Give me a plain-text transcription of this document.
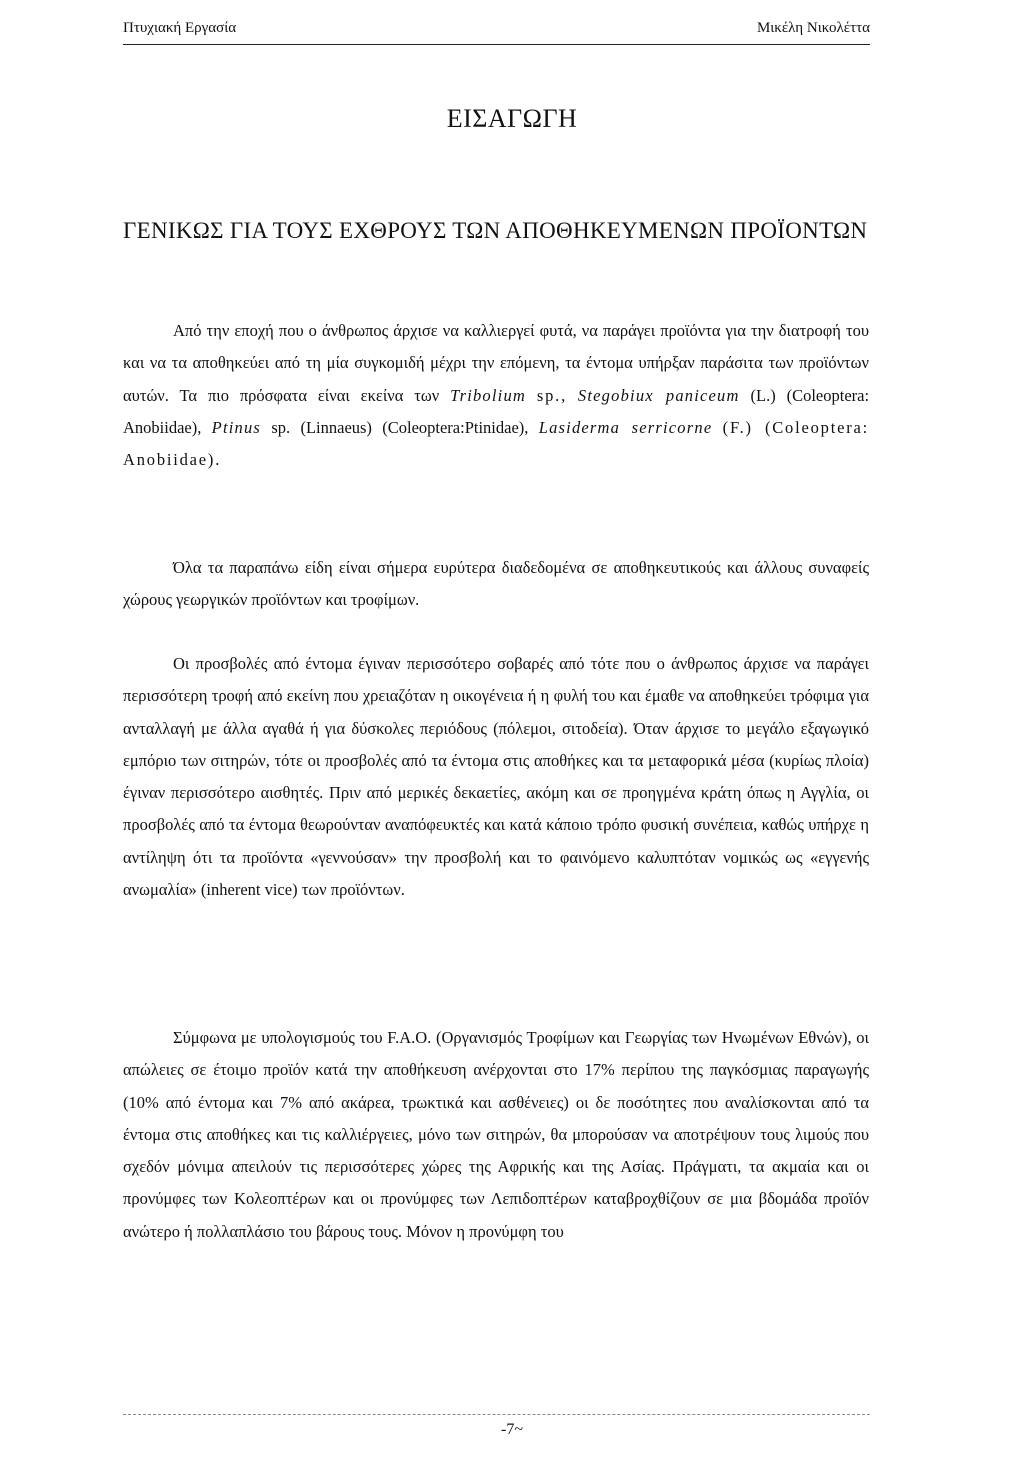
Πτυχιακή Εργασία	Μικέλη Νικολέττα
ΕΙΣΑΓΩΓΗ
ΓΕΝΙΚΩΣ ΓΙΑ ΤΟΥΣ ΕΧΘΡΟΥΣ ΤΩΝ ΑΠΟΘΗΚΕΥΜΕΝΩΝ ΠΡΟΪΟΝΤΩΝ

Από την εποχή που ο άνθρωπος άρχισε να καλλιεργεί φυτά, να παράγει προϊόντα για την διατροφή του και να τα αποθηκεύει από τη μία συγκομιδή μέχρι την επόμενη, τα έντομα υπήρξαν παράσιτα των προϊόντων αυτών. Τα πιο πρόσφατα είναι εκείνα των Tribolium sp., Stegobiux paniceum (L.) (Coleoptera: Anobiidae), Ptinus sp. (Linnaeus) (Coleoptera:Ptinidae), Lasiderma serricorne (F.) (Coleoptera: Anobiidae).

Όλα τα παραπάνω είδη είναι σήμερα ευρύτερα διαδεδομένα σε αποθηκευτικούς και άλλους συναφείς χώρους γεωργικών προϊόντων και τροφίμων.

Οι προσβολές από έντομα έγιναν περισσότερο σοβαρές από τότε που ο άνθρωπος άρχισε να παράγει περισσότερη τροφή από εκείνη που χρειαζόταν η οικογένεια ή η φυλή του και έμαθε να αποθηκεύει τρόφιμα για ανταλλαγή με άλλα αγαθά ή για δύσκολες περιόδους (πόλεμοι, σιτοδεία). Όταν άρχισε το μεγάλο εξαγωγικό εμπόριο των σιτηρών, τότε οι προσβολές από τα έντομα στις αποθήκες και τα μεταφορικά μέσα (κυρίως πλοία) έγιναν περισσότερο αισθητές. Πριν από μερικές δεκαετίες, ακόμη και σε προηγμένα κράτη όπως η Αγγλία, οι προσβολές από τα έντομα θεωρούνταν αναπόφευκτές και κατά κάποιο τρόπο φυσική συνέπεια, καθώς υπήρχε η αντίληψη ότι τα προϊόντα «γεννούσαν» την προσβολή και το φαινόμενο καλυπτόταν νομικώς ως «εγγενής ανωμαλία» (inherent vice) των προϊόντων.

Σύμφωνα με υπολογισμούς του F.A.O. (Οργανισμός Τροφίμων και Γεωργίας των Ηνωμένων Εθνών), οι απώλειες σε έτοιμο προϊόν κατά την αποθήκευση ανέρχονται στο 17% περίπου της παγκόσμιας παραγωγής (10% από έντομα και 7% από ακάρεα, τρωκτικά και ασθένειες) οι δε ποσότητες που αναλίσκονται από τα έντομα στις αποθήκες και τις καλλιέργειες, μόνο των σιτηρών, θα μπορούσαν να αποτρέψουν τους λιμούς που σχεδόν μόνιμα απειλούν τις περισσότερες χώρες της Αφρικής και της Ασίας. Πράγματι, τα ακμαία και οι προνύμφες των Κολεοπτέρων και οι προνύμφες των Λεπιδοπτέρων καταβροχθίζουν σε μια βδομάδα προϊόν ανώτερο ή πολλαπλάσιο του βάρους τους. Μόνον η προνύμφη του

-7~
